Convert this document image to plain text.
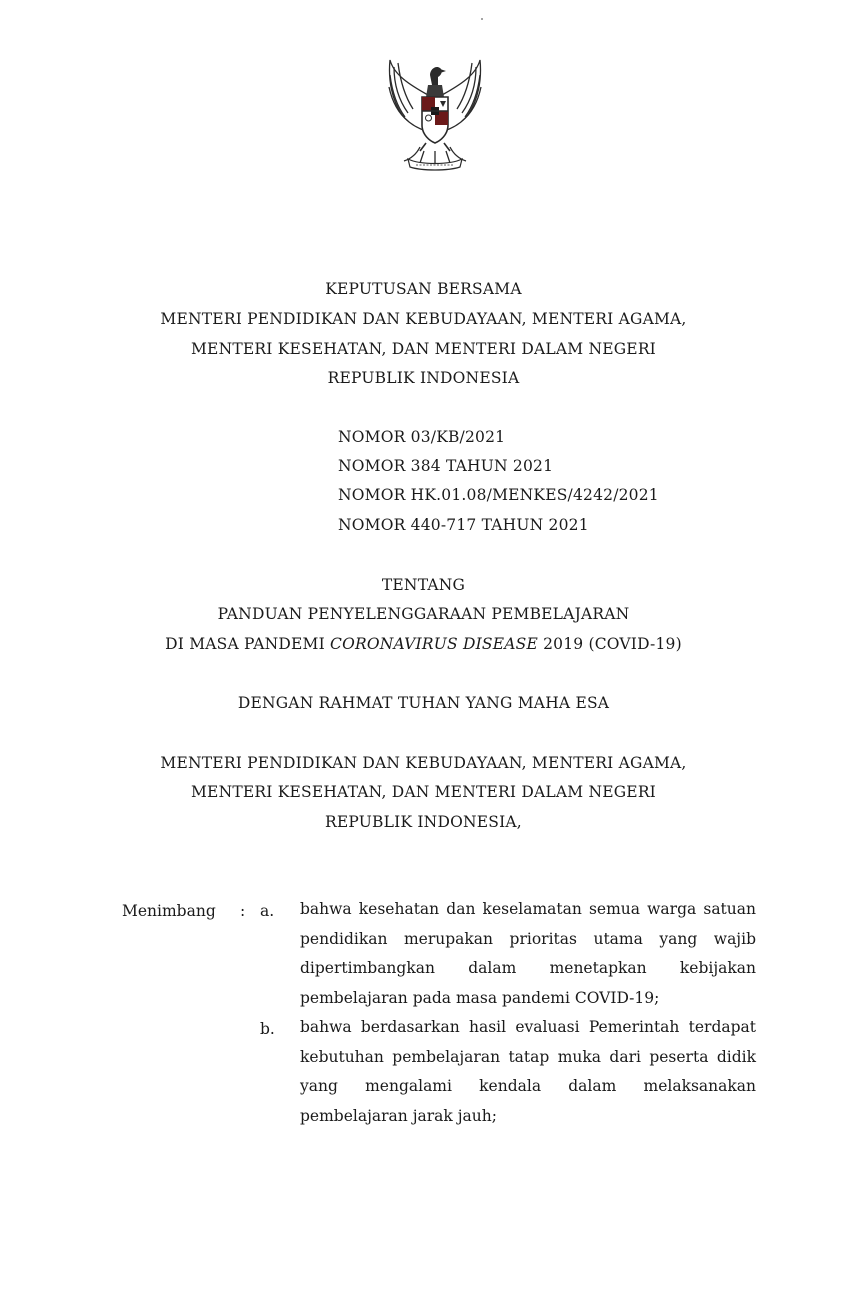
KEPUTUSAN BERSAMA
MENTERI PENDIDIKAN DAN KEBUDAYAAN, MENTERI AGAMA,
MENTERI KESEHATAN, DAN MENTERI DALAM NEGERI
REPUBLIK INDONESIA
NOMOR 03/KB/2021
NOMOR 384 TAHUN 2021
NOMOR HK.01.08/MENKES/4242/2021
NOMOR 440-717 TAHUN 2021
TENTANG
PANDUAN PENYELENGGARAAN PEMBELAJARAN
DI MASA PANDEMI CORONAVIRUS DISEASE 2019 (COVID-19)
DENGAN RAHMAT TUHAN YANG MAHA ESA
MENTERI PENDIDIKAN DAN KEBUDAYAAN, MENTERI AGAMA,
MENTERI KESEHATAN, DAN MENTERI DALAM NEGERI
REPUBLIK INDONESIA,
Menimbang : a. bahwa kesehatan dan keselamatan semua warga satuan pendidikan merupakan prioritas utama yang wajib dipertimbangkan dalam menetapkan kebijakan pembelajaran pada masa pandemi COVID-19;
b. bahwa berdasarkan hasil evaluasi Pemerintah terdapat kebutuhan pembelajaran tatap muka dari peserta didik yang mengalami kendala dalam melaksanakan pembelajaran jarak jauh;
